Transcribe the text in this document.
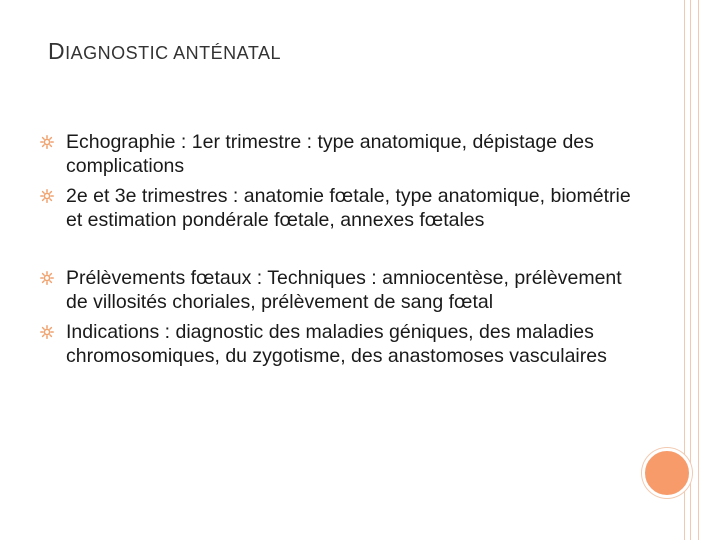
DIAGNOSTIC ANTÉNATAL
Echographie : 1er trimestre : type anatomique, dépistage des complications
2e et 3e trimestres : anatomie fœtale, type anatomique, biométrie et estimation pondérale fœtale, annexes fœtales
Prélèvements fœtaux : Techniques : amniocentèse, prélèvement de villosités choriales, prélèvement de sang fœtal
Indications : diagnostic des maladies géniques, des maladies chromosomiques, du zygotisme, des anastomoses vasculaires
